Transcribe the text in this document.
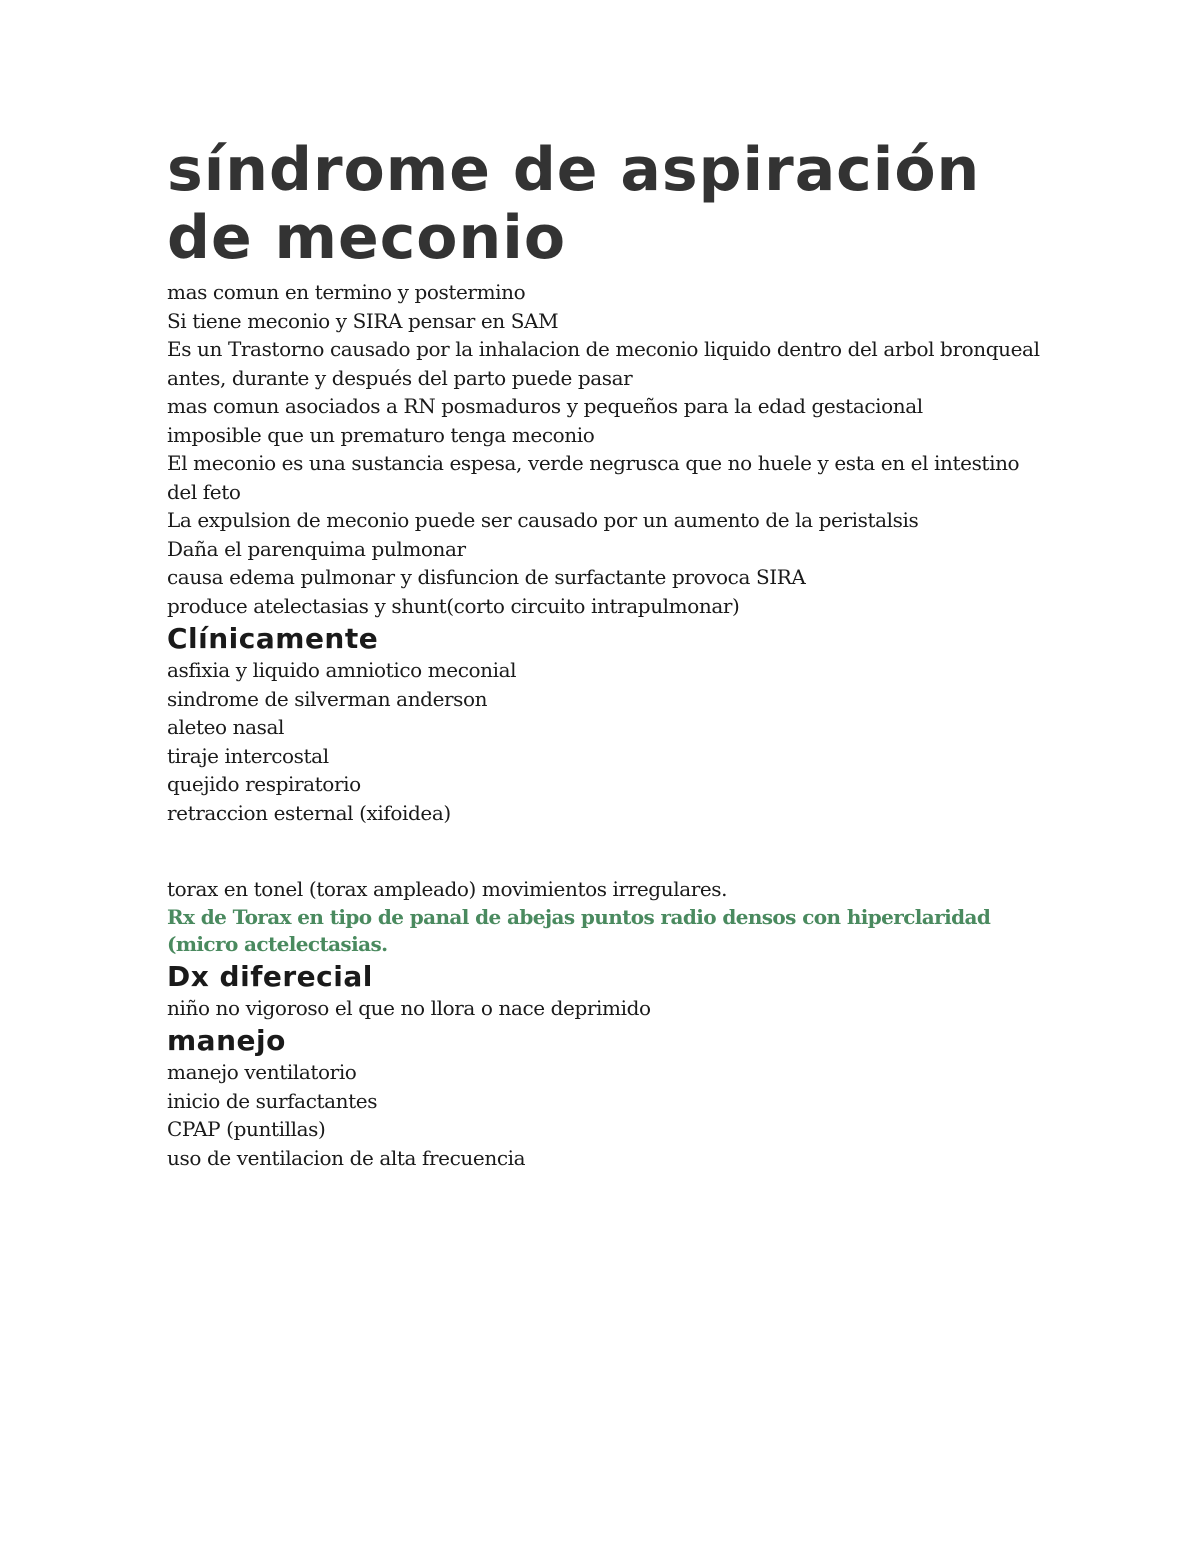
síndrome de aspiración de meconio

mas comun en termino y postermino

Si tiene meconio y SIRA pensar en SAM

Es un Trastorno causado por la inhalacion de meconio liquido dentro del arbol bronqueal

antes, durante y después del parto puede pasar

mas comun asociados a RN posmaduros y pequeños para la edad gestacional

imposible que un prematuro tenga meconio

El meconio es una sustancia espesa, verde negrusca que no huele y esta en el intestino del feto

La expulsion de meconio puede ser causado por un aumento de la peristalsis

Daña el parenquima pulmonar

causa edema pulmonar y disfuncion de surfactante provoca SIRA

produce atelectasias y shunt(corto circuito intrapulmonar)

Clínicamente

asfixia y liquido amniotico meconial

sindrome de silverman anderson

aleteo nasal

tiraje intercostal

quejido respiratorio

retraccion esternal (xifoidea)

torax en tonel (torax ampleado) movimientos irregulares.

Rx de Torax en tipo de panal de abejas puntos radio densos con hiperclaridad (micro actelectasias.

Dx diferecial

niño no vigoroso el que no llora o nace deprimido

manejo

manejo ventilatorio

inicio de surfactantes

CPAP (puntillas)

uso de ventilacion de alta frecuencia
